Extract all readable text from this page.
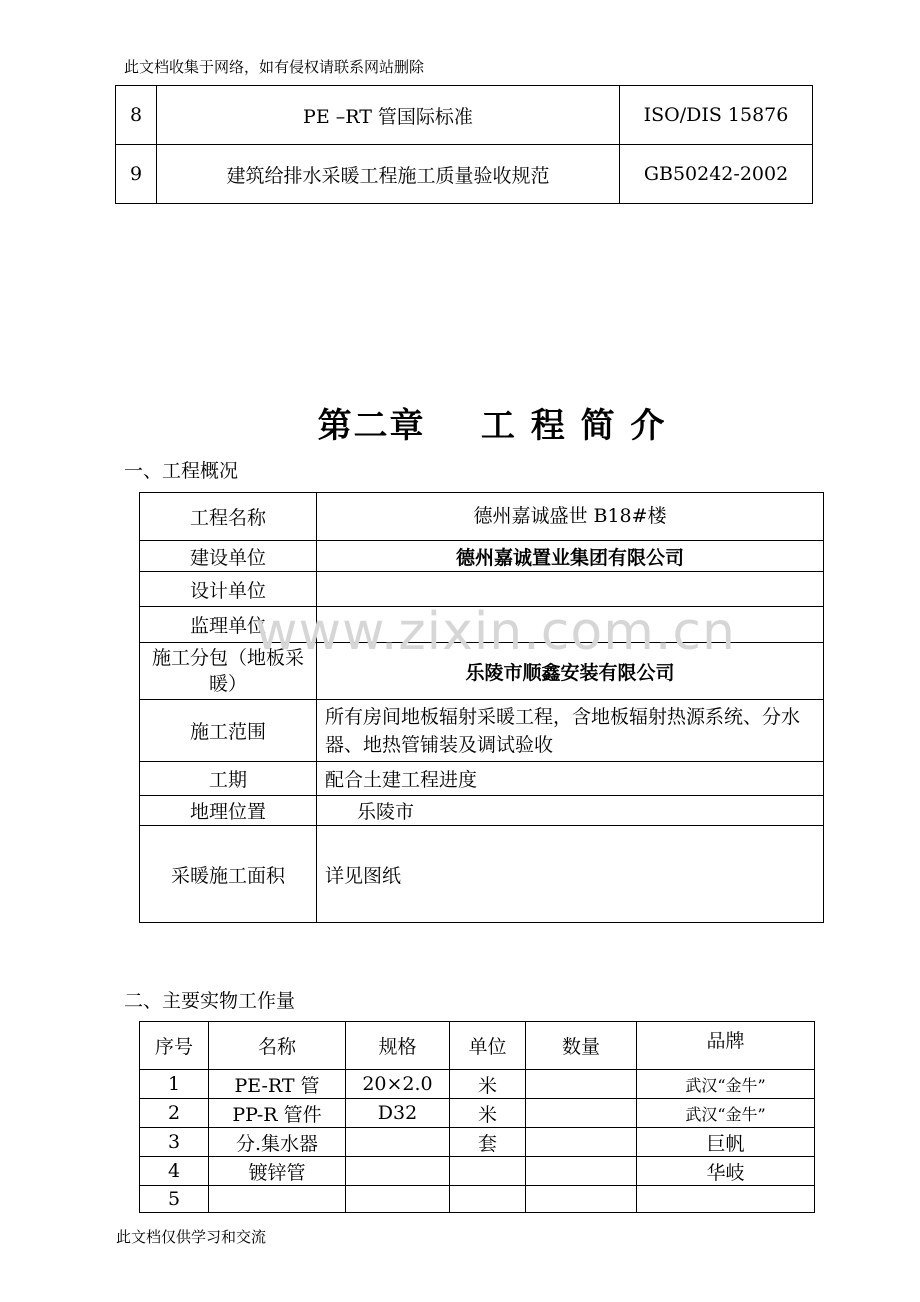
此文档收集于网络，如有侵权请联系网站删除
8	PE –RT 管国际标准	ISO/DIS 15876
9	建筑给排水采暖工程施工质量验收规范	GB50242-2002
第二章    工 程 简 介
一、工程概况
工程名称	德州嘉诚盛世 B18#楼
建设单位	德州嘉诚置业集团有限公司
设计单位	
监理单位	
施工分包（地板采暖）	乐陵市顺鑫安装有限公司
施工范围	所有房间地板辐射采暖工程，含地板辐射热源系统、分水器、地热管铺装及调试验收
工期	配合土建工程进度
地理位置	乐陵市
采暖施工面积	详见图纸
www.zixin.com.cn
二、主要实物工作量
序号	名称	规格	单位	数量	品牌
1	PE-RT 管	20×2.0	米		武汉“金牛”
2	PP-R 管件	D32	米		武汉“金牛”
3	分.集水器		套		巨帆
4	镀锌管				华岐
5					
此文档仅供学习和交流
